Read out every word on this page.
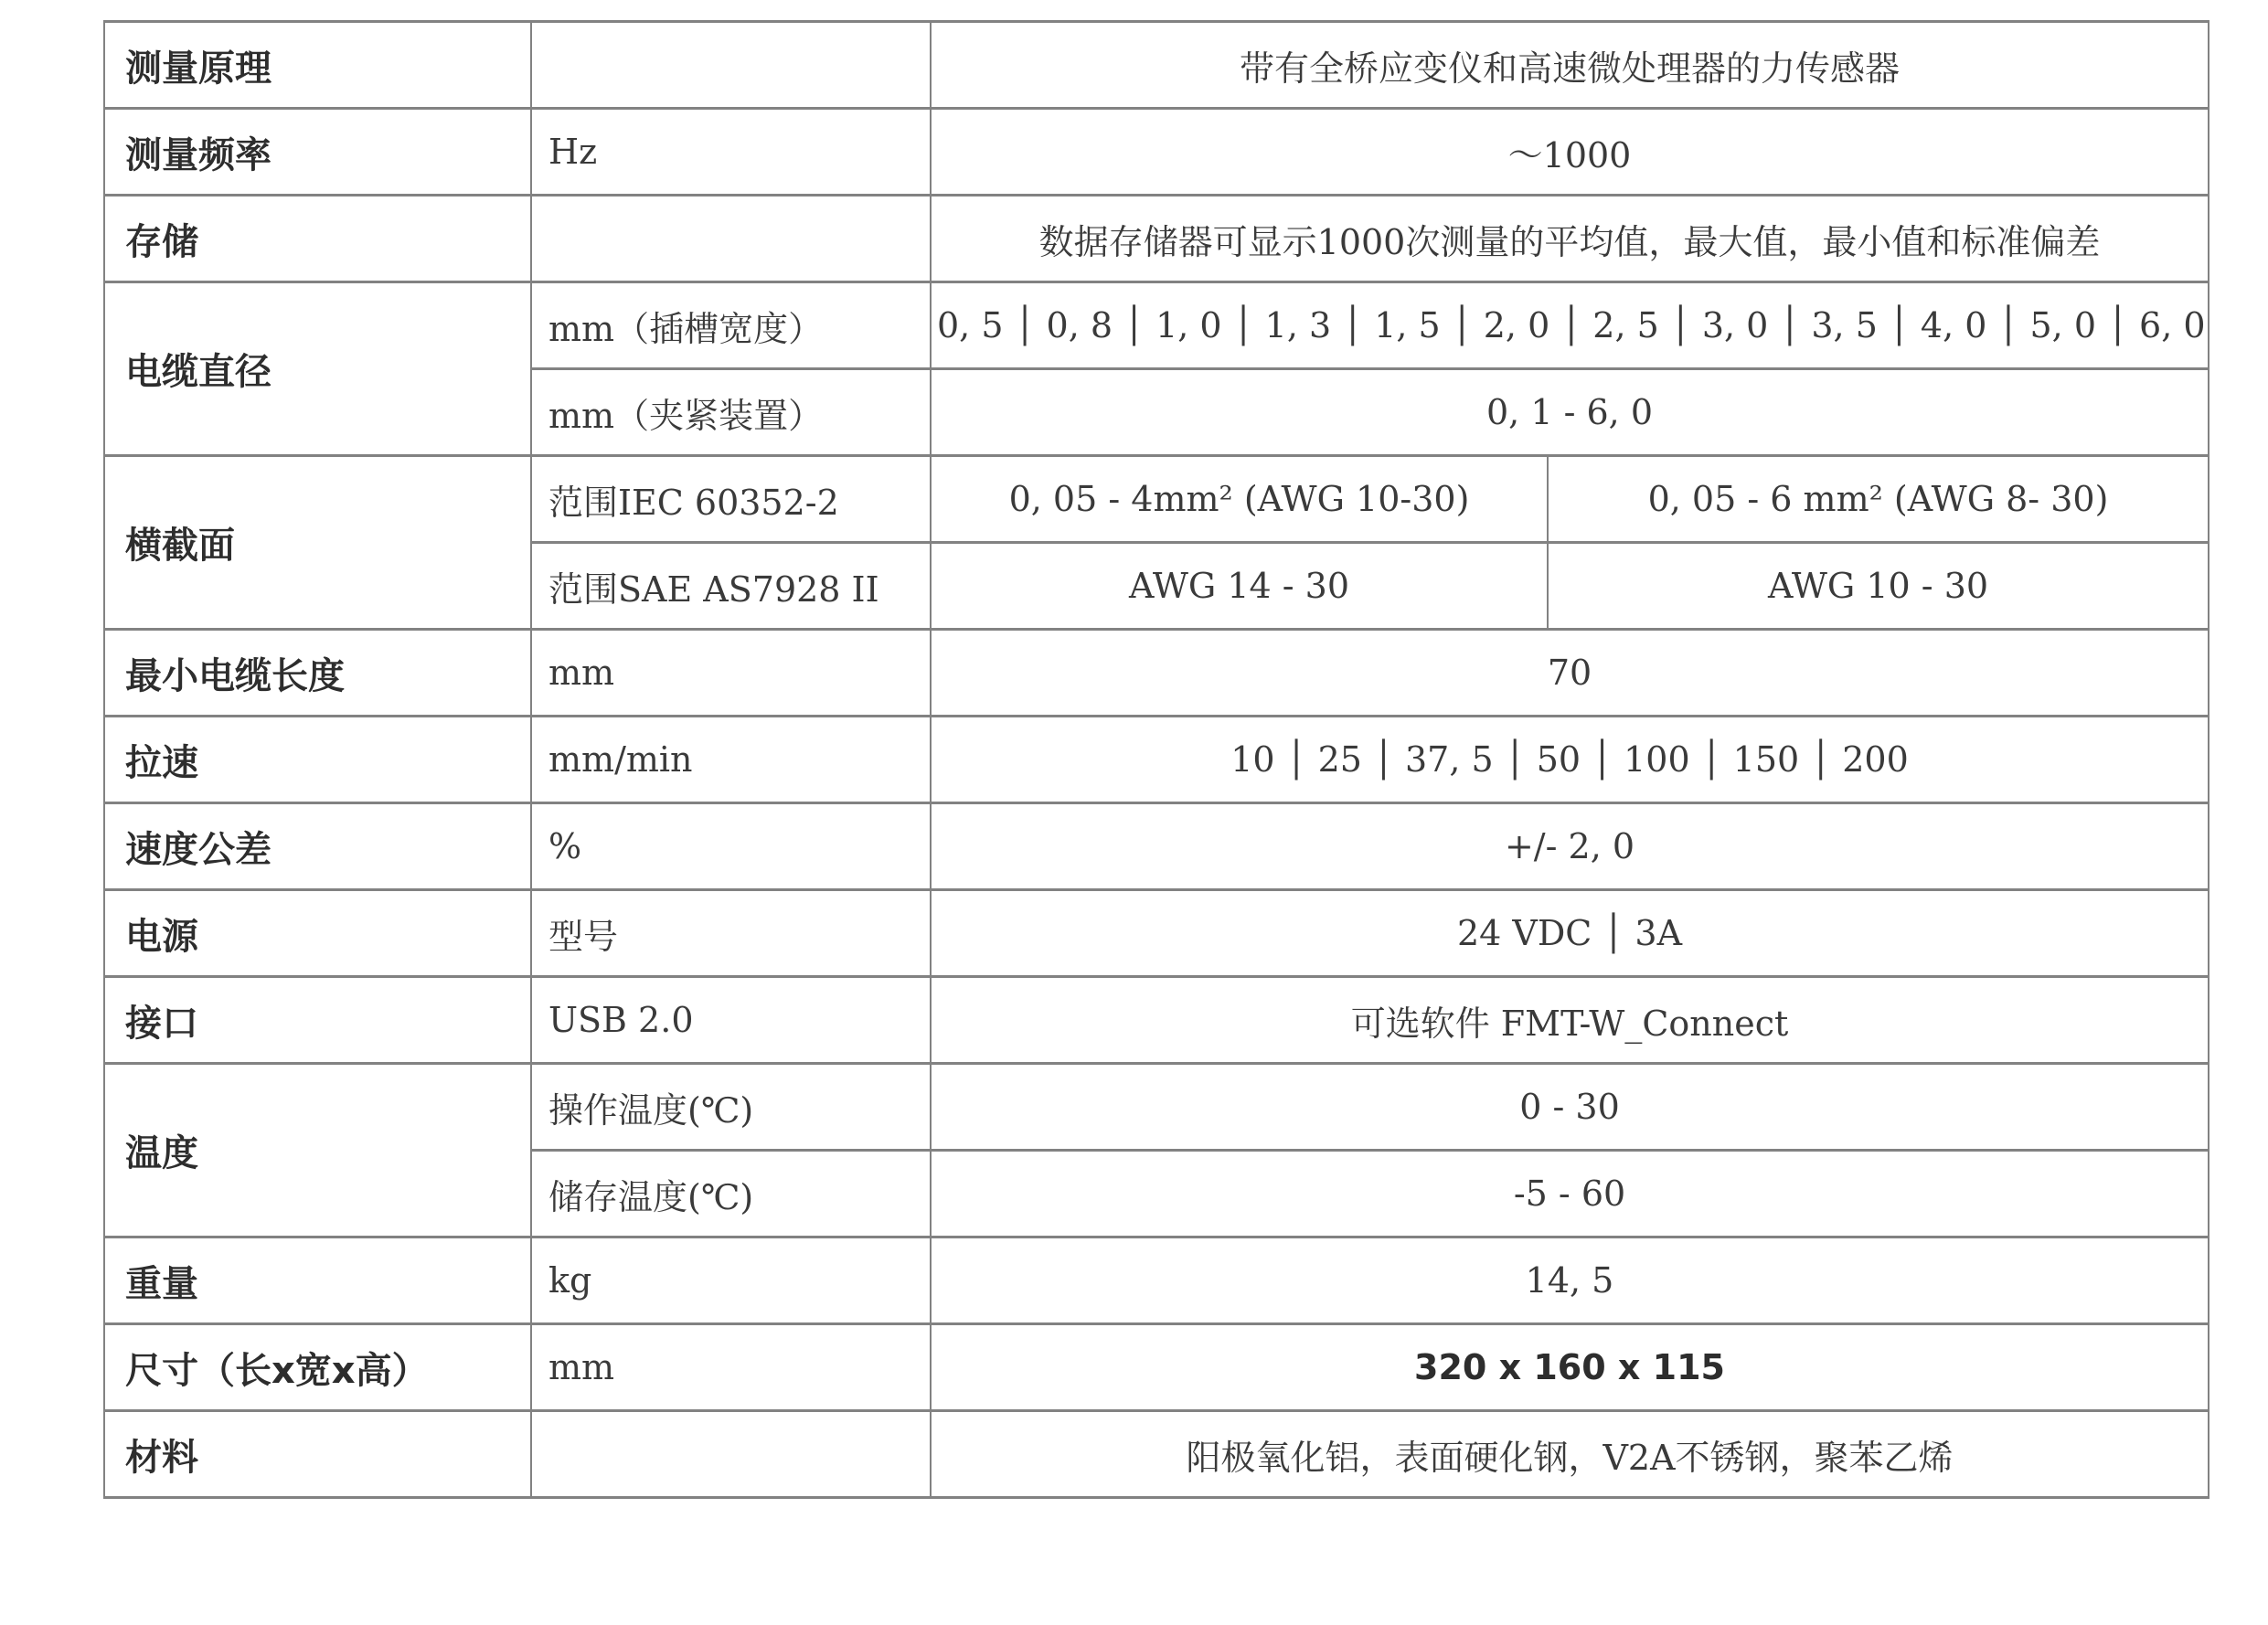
测量原理		带有全桥应变仪和高速微处理器的力传感器	
测量频率	Hz	～1000	
存储		数据存储器可显示1000次测量的平均值，最大值，最小值和标准偏差	
电缆直径	mm（插槽宽度）	0, 5 │ 0, 8 │ 1, 0 │ 1, 3 │ 1, 5 │ 2, 0 │ 2, 5 │ 3, 0 │ 3, 5 │ 4, 0 │ 5, 0 │ 6, 0	
	mm（夹紧装置）	0, 1 - 6, 0	
横截面	范围IEC 60352-2	0, 05 - 4mm² (AWG 10-30)	0, 05 - 6 mm² (AWG 8- 30)
	范围SAE AS7928 II	AWG 14 - 30	AWG 10 - 30
最小电缆长度	mm	70	
拉速	mm/min	10 │ 25 │ 37, 5 │ 50 │ 100 │ 150 │ 200	
速度公差	%	+/- 2, 0	
电源	型号	24 VDC │ 3A	
接口	USB 2.0	可选软件 FMT-W_Connect	
温度	操作温度(℃)	0 - 30	
	储存温度(℃)	-5 - 60	
重量	kg	14, 5	
尺寸（长x宽x高）	mm	320 x 160 x 115	
材料		阳极氧化铝，表面硬化钢，V2A不锈钢，聚苯乙烯	
